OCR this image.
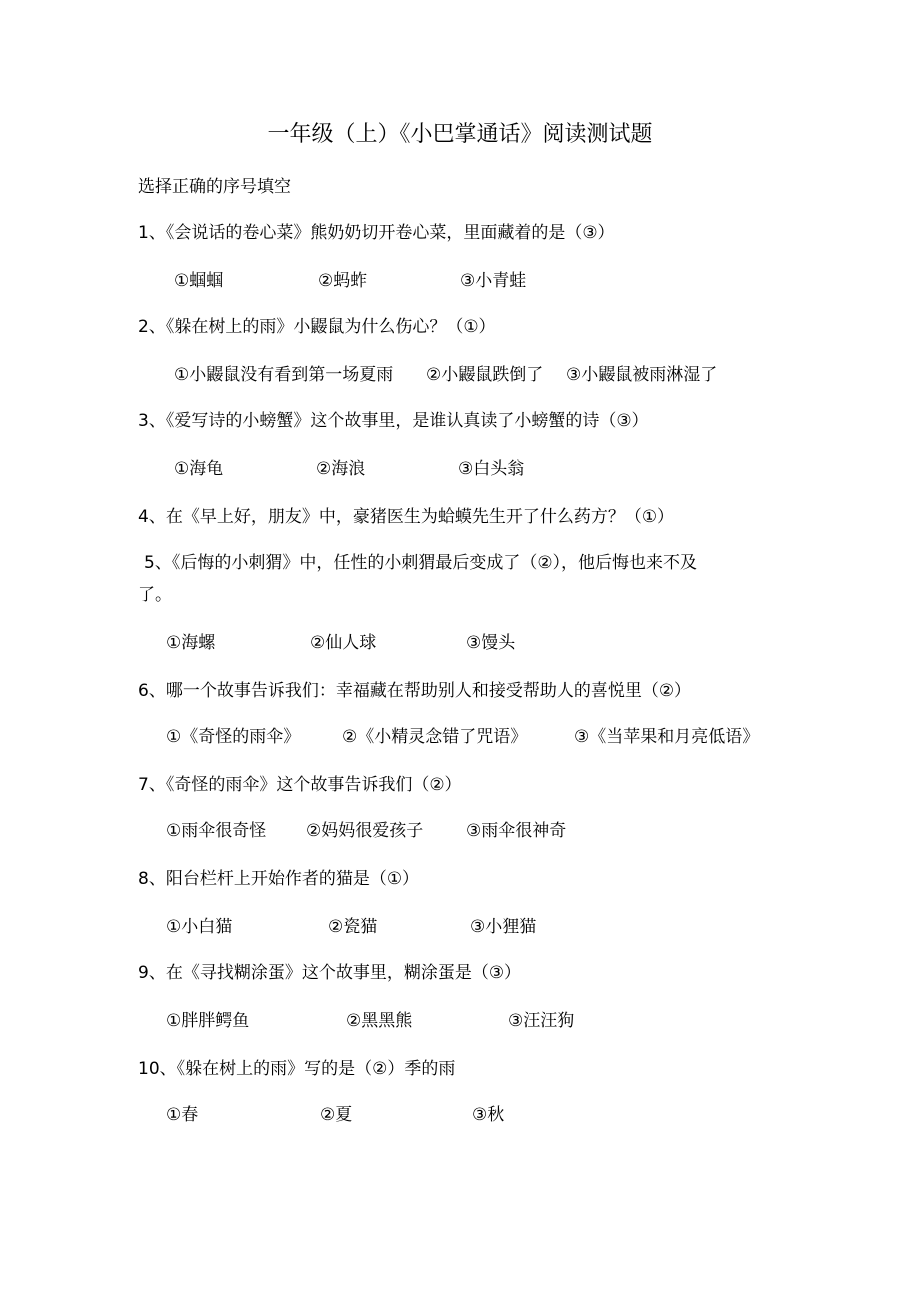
一年级（上）《小巴掌通话》阅读测试题
选择正确的序号填空
1、《会说话的卷心菜》熊奶奶切开卷心菜，里面藏着的是（③）
①蝈蝈	②蚂蚱	③小青蛙
2、《躲在树上的雨》小鼹鼠为什么伤心？（①）
①小鼹鼠没有看到第一场夏雨 ②小鼹鼠跌倒了 ③小鼹鼠被雨淋湿了
3、《爱写诗的小螃蟹》这个故事里，是谁认真读了小螃蟹的诗（③）
①海龟	②海浪	③白头翁
4、在《早上好，朋友》中，豪猪医生为蛤蟆先生开了什么药方？（①）
5、《后悔的小刺猬》中，任性的小刺猬最后变成了（②），他后悔也来不及
了。
①海螺	②仙人球	③馒头
6、哪一个故事告诉我们：幸福藏在帮助别人和接受帮助人的喜悦里（②）
①《奇怪的雨伞》 ②《小精灵念错了咒语》	③《当苹果和月亮低语》
7、《奇怪的雨伞》这个故事告诉我们（②）
①雨伞很奇怪 ②妈妈很爱孩子	③雨伞很神奇
8、阳台栏杆上开始作者的猫是（①）
①小白猫	②瓷猫	③小狸猫
9、在《寻找糊涂蛋》这个故事里，糊涂蛋是（③）
①胖胖鳄鱼	②黑黑熊	③汪汪狗
10、《躲在树上的雨》写的是（②）季的雨
①春	②夏	③秋
